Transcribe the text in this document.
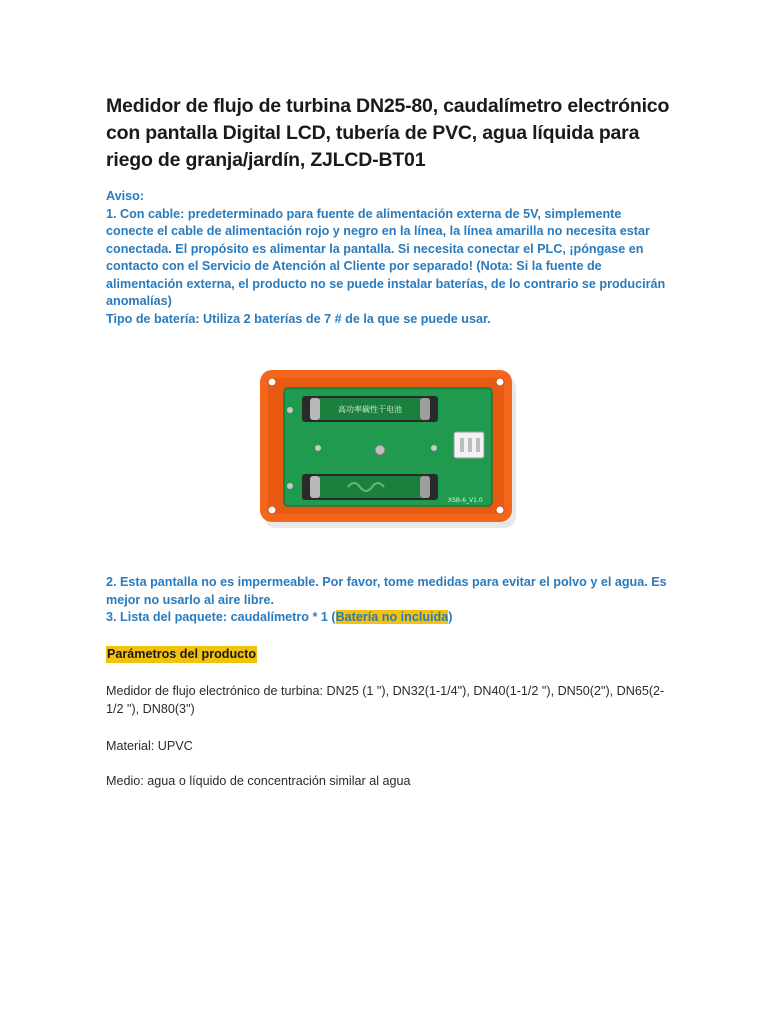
Medidor de flujo de turbina DN25-80, caudalímetro electrónico con pantalla Digital LCD, tubería de PVC, agua líquida para riego de granja/jardín, ZJLCD-BT01
Aviso:
1. Con cable: predeterminado para fuente de alimentación externa de 5V, simplemente conecte el cable de alimentación rojo y negro en la línea, la línea amarilla no necesita estar conectada. El propósito es alimentar la pantalla. Si necesita conectar el PLC, ¡póngase en contacto con el Servicio de Atención al Cliente por separado! (Nota: Si la fuente de alimentación externa, el producto no se puede instalar baterías, de lo contrario se producirán anomalías)
Tipo de batería: Utiliza 2 baterías de 7 # de la que se puede usar.
高功率碳性干电池
XSB-6_V1.0
2. Esta pantalla no es impermeable. Por favor, tome medidas para evitar el polvo y el agua. Es mejor no usarlo al aire libre.
3. Lista del paquete: caudalímetro * 1 (Batería no incluida)
Parámetros del producto
Medidor de flujo electrónico de turbina: DN25 (1 "), DN32(1-1/4"), DN40(1-1/2 "), DN50(2"), DN65(2-1/2 "), DN80(3")
Material: UPVC
Medio: agua o líquido de concentración similar al agua
